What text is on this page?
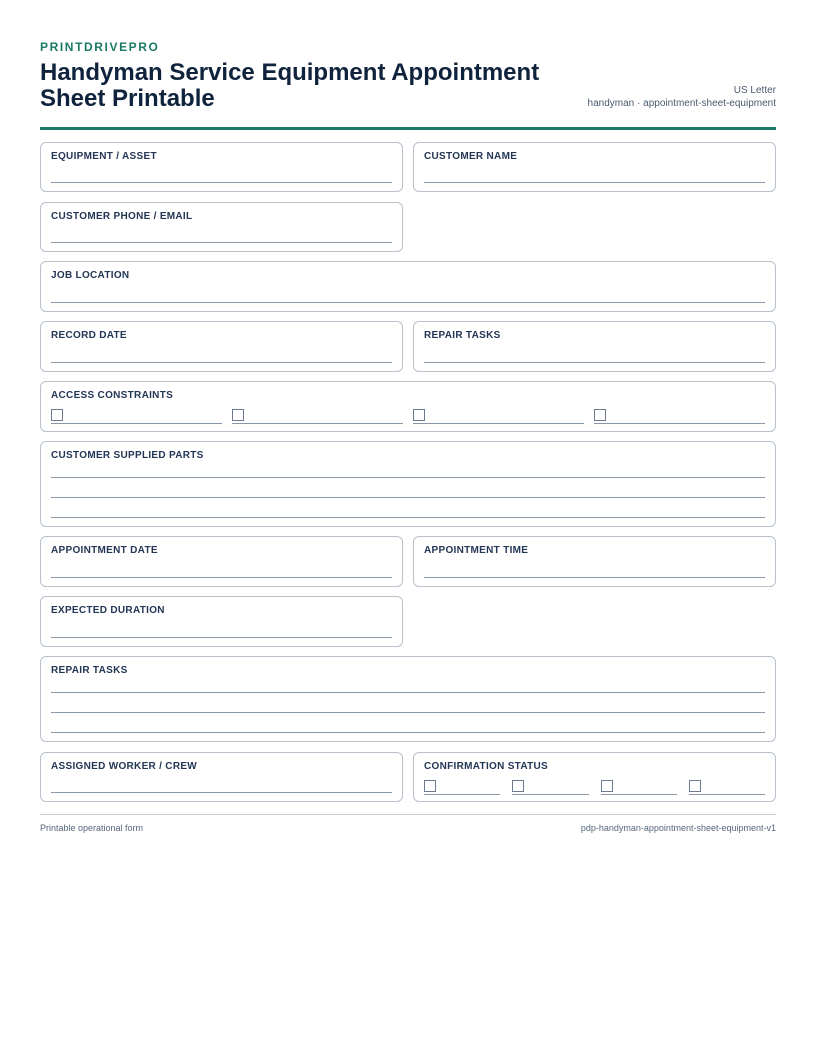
PRINTDRIVEPRO
Handyman Service Equipment Appointment Sheet Printable	US Letter
handyman · appointment-sheet-equipment
EQUIPMENT / ASSET	CUSTOMER NAME
CUSTOMER PHONE / EMAIL
JOB LOCATION
RECORD DATE	REPAIR TASKS
ACCESS CONSTRAINTS
CUSTOMER SUPPLIED PARTS
APPOINTMENT DATE	APPOINTMENT TIME
EXPECTED DURATION
REPAIR TASKS
ASSIGNED WORKER / CREW	CONFIRMATION STATUS
Printable operational form	pdp-handyman-appointment-sheet-equipment-v1
